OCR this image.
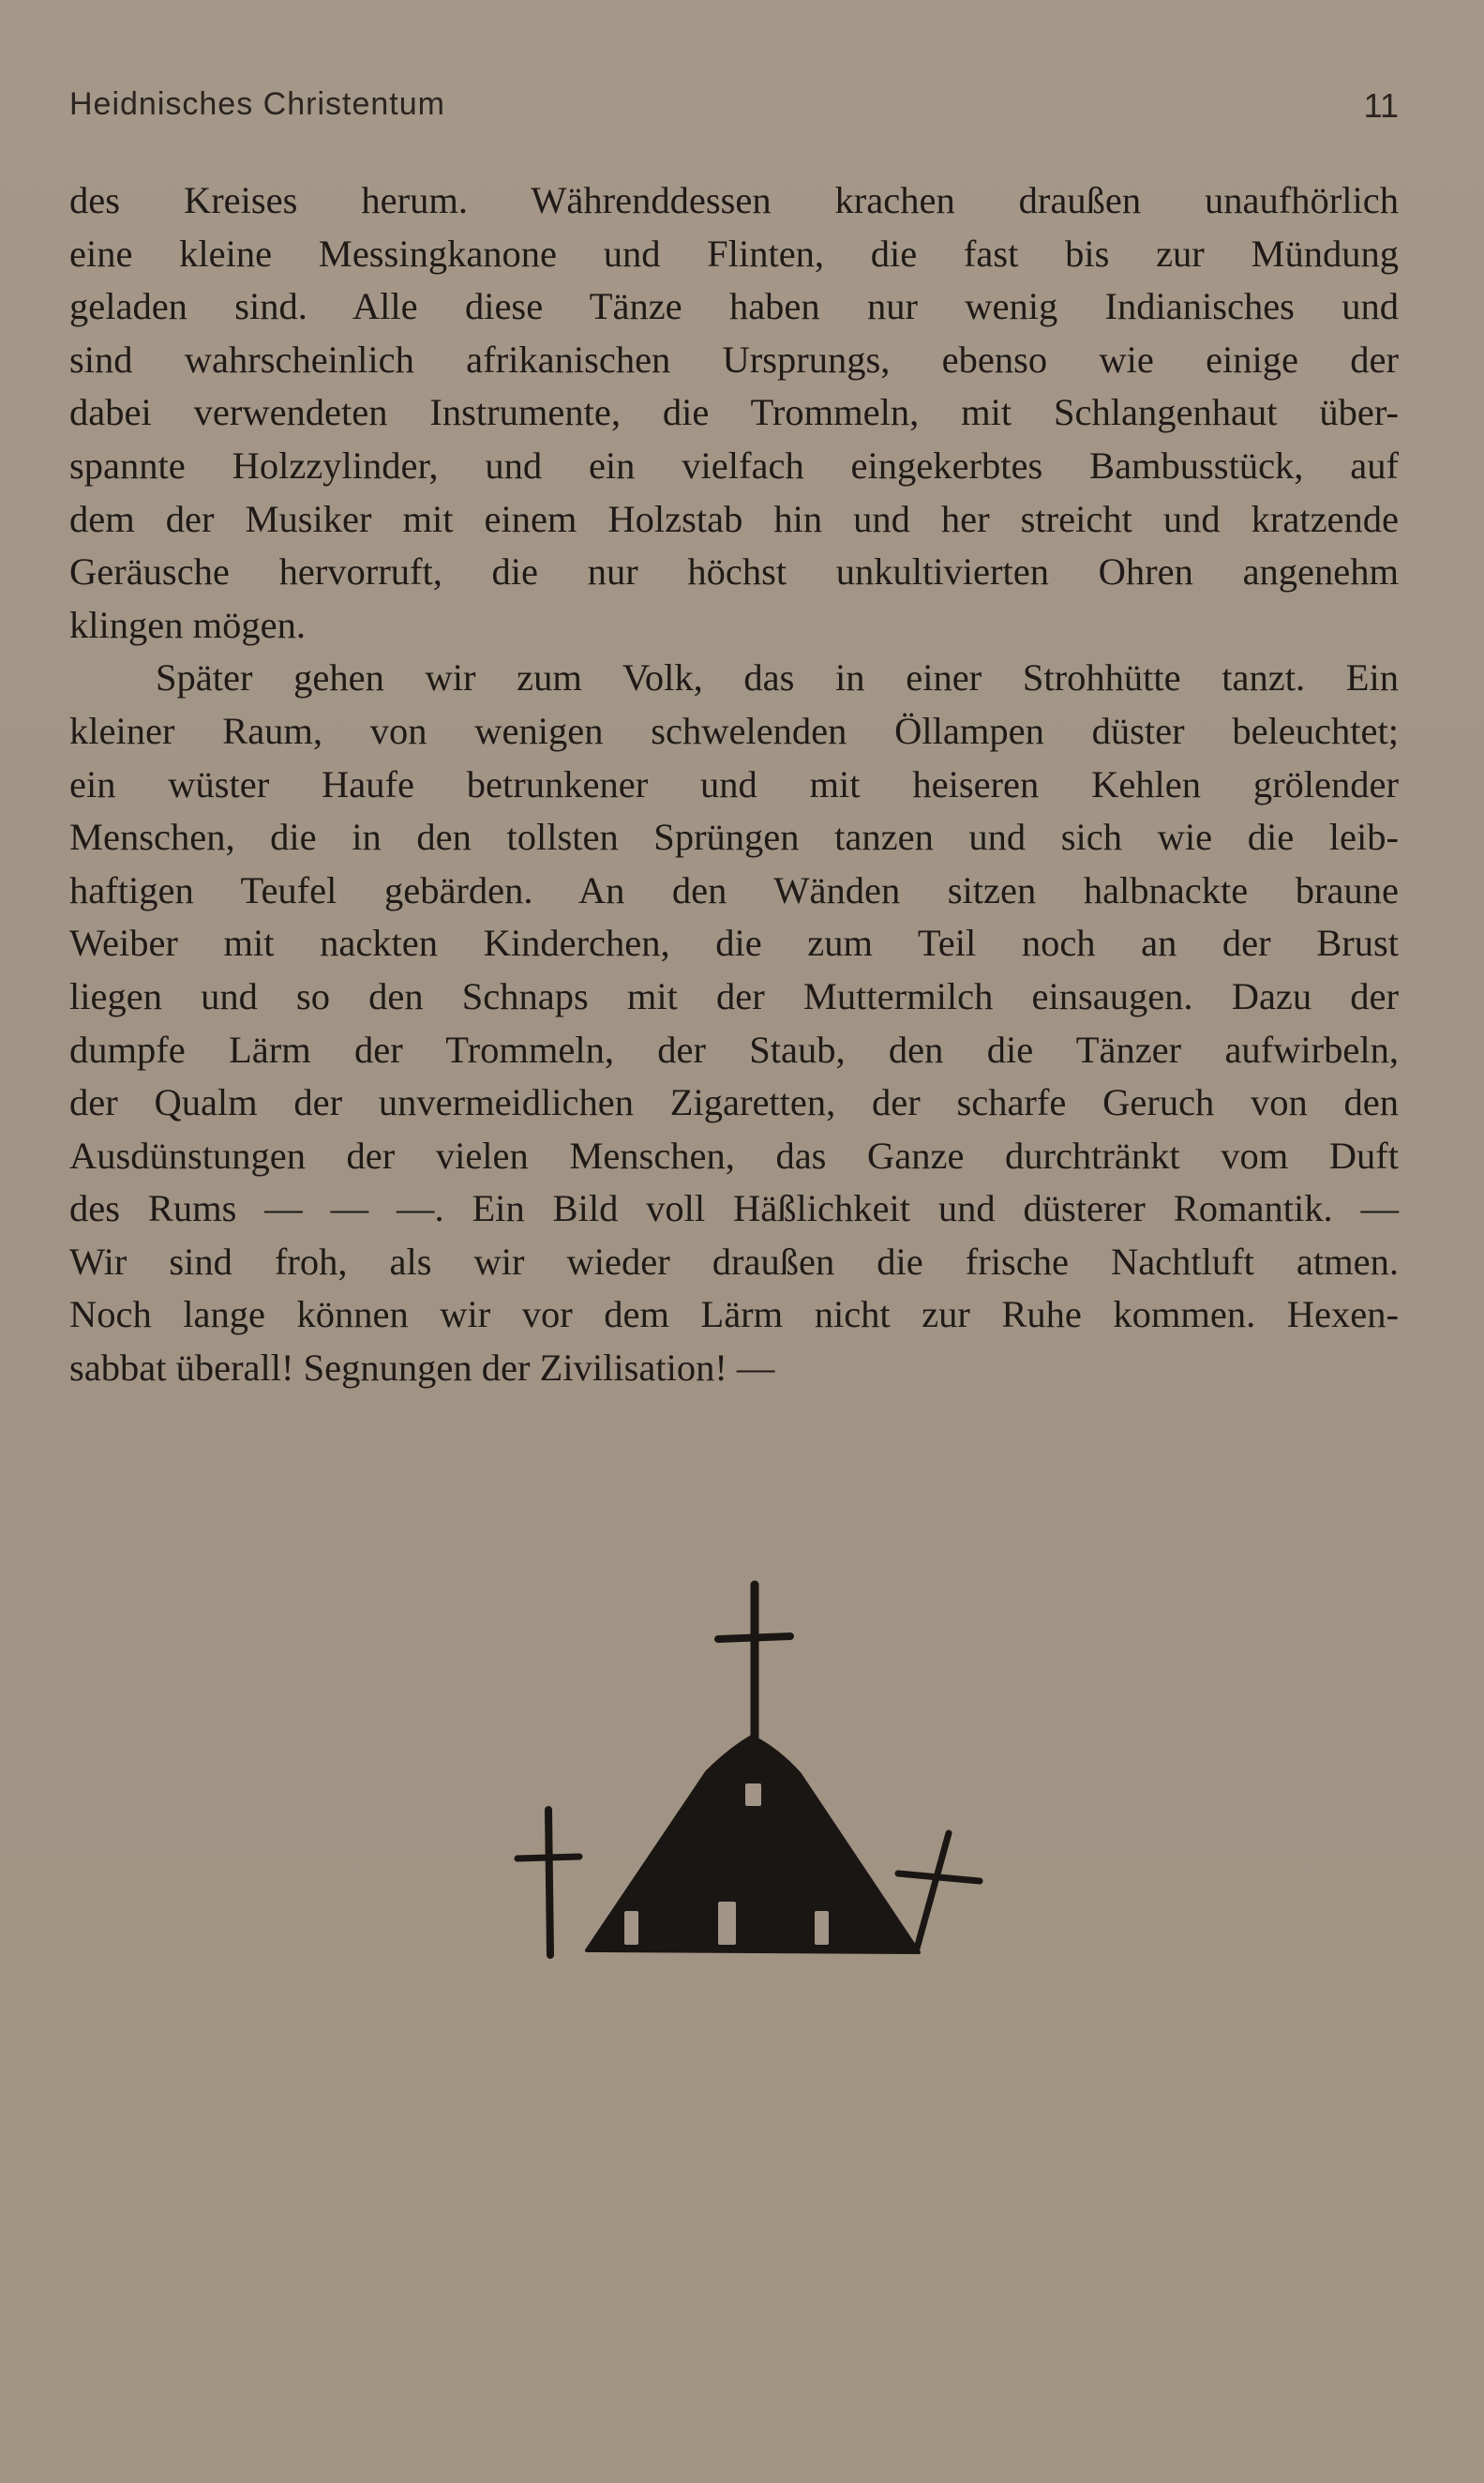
Heidnisches Christentum	11
des Kreises herum. Währenddessen krachen draußen unaufhörlich
eine kleine Messingkanone und Flinten, die fast bis zur Mündung
geladen sind. Alle diese Tänze haben nur wenig Indianisches und
sind wahrscheinlich afrikanischen Ursprungs, ebenso wie einige der
dabei verwendeten Instrumente, die Trommeln, mit Schlangenhaut über-
spannte Holzzylinder, und ein vielfach eingekerbtes Bambusstück, auf
dem der Musiker mit einem Holzstab hin und her streicht und kratzende
Geräusche hervorruft, die nur höchst unkultivierten Ohren angenehm
klingen mögen.
Später gehen wir zum Volk, das in einer Strohhütte tanzt. Ein
kleiner Raum, von wenigen schwelenden Öllampen düster beleuchtet;
ein wüster Haufe betrunkener und mit heiseren Kehlen grölender
Menschen, die in den tollsten Sprüngen tanzen und sich wie die leib-
haftigen Teufel gebärden. An den Wänden sitzen halbnackte braune
Weiber mit nackten Kinderchen, die zum Teil noch an der Brust
liegen und so den Schnaps mit der Muttermilch einsaugen. Dazu der
dumpfe Lärm der Trommeln, der Staub, den die Tänzer aufwirbeln,
der Qualm der unvermeidlichen Zigaretten, der scharfe Geruch von den
Ausdünstungen der vielen Menschen, das Ganze durchtränkt vom Duft
des Rums — — —. Ein Bild voll Häßlichkeit und düsterer Romantik. —
Wir sind froh, als wir wieder draußen die frische Nachtluft atmen.
Noch lange können wir vor dem Lärm nicht zur Ruhe kommen. Hexen-
sabbat überall! Segnungen der Zivilisation! —
